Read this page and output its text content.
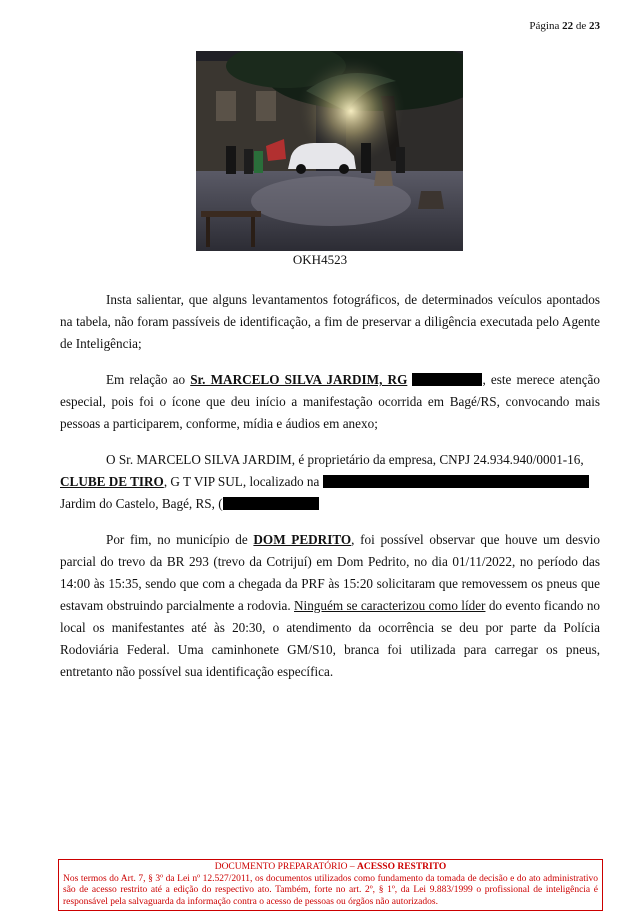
Página 22 de 23
OKH4523

Insta salientar, que alguns levantamentos fotográficos, de determinados veículos apontados na tabela, não foram passíveis de identificação, a fim de preservar a diligência executada pelo Agente de Inteligência;

Em relação ao Sr. MARCELO SILVA JARDIM, RG	, este merece atenção especial, pois foi o ícone que deu início a manifestação ocorrida em Bagé/RS, convocando mais pessoas a participarem, conforme, mídia e áudios em anexo;

O Sr. MARCELO SILVA JARDIM, é proprietário da empresa, CNPJ 24.934.940/0001-16,
CLUBE DE TIRO, G T VIP SUL, localizado na
Jardim do Castelo, Bagé, RS, (

Por fim, no município de DOM PEDRITO, foi possível observar que houve um desvio parcial do trevo da BR 293 (trevo da Cotrijuí) em Dom Pedrito, no dia 01/11/2022, no período das 14:00 às 15:35, sendo que com a chegada da PRF às 15:20 solicitaram que removessem os pneus que estavam obstruindo parcialmente a rodovia. Ninguém se caracterizou como líder do evento ficando no local os manifestantes até às 20:30, o atendimento da ocorrência se deu por parte da Polícia Rodoviária Federal. Uma caminhonete GM/S10, branca foi utilizada para carregar os pneus, entretanto não possível sua identificação específica.

DOCUMENTO PREPARATÓRIO – ACESSO RESTRITO
Nos termos do Art. 7, § 3º da Lei nº 12.527/2011, os documentos utilizados como fundamento da tomada de decisão e do ato administrativo são de acesso restrito até a edição do respectivo ato. Também, forte no art. 2º, § 1º, da Lei 9.883/1999 o profissional de inteligência é responsável pela salvaguarda da informação contra o acesso de pessoas ou órgãos não autorizados.
